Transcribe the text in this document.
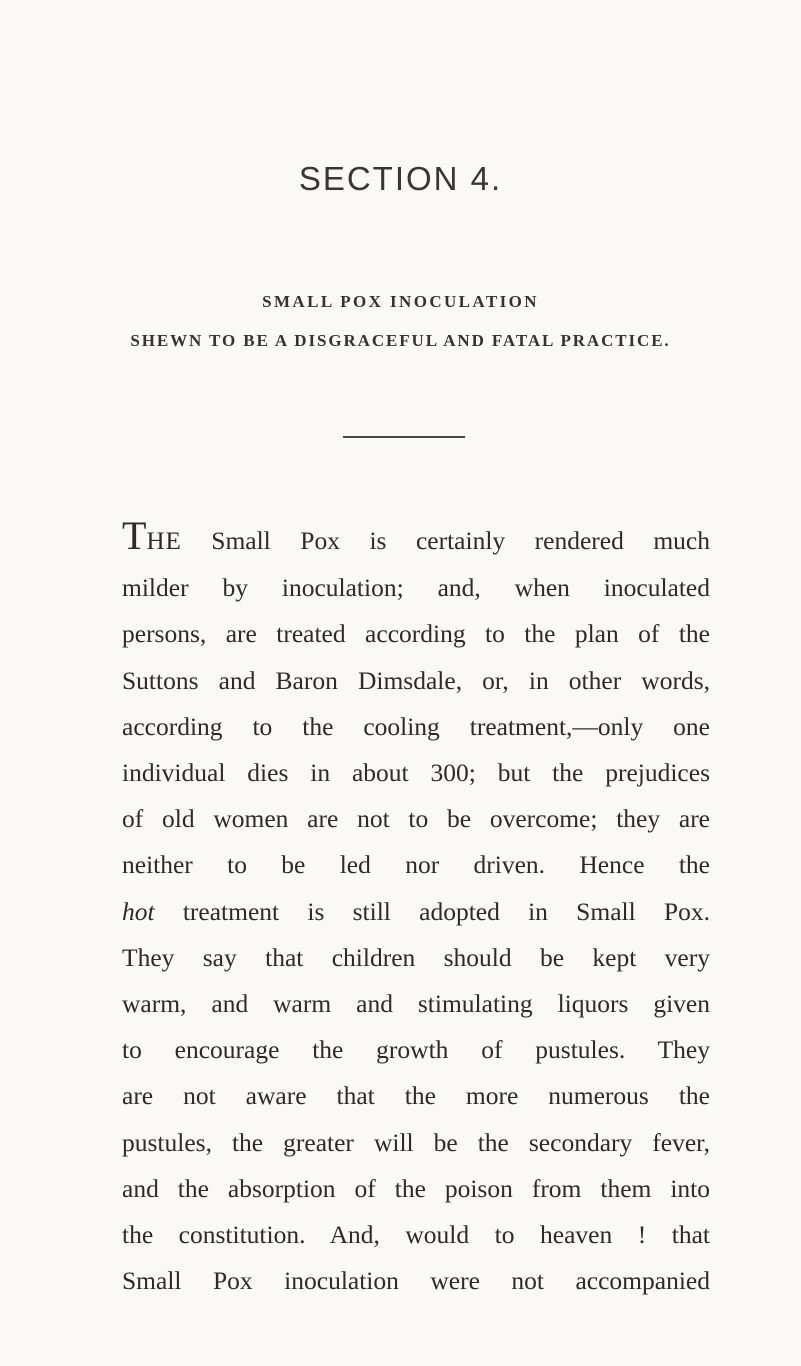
SECTION 4.
SMALL POX INOCULATION
SHEWN TO BE A DISGRACEFUL AND FATAL PRACTICE.
THE Small Pox is certainly rendered much
milder by inoculation; and, when inoculated
persons, are treated according to the plan of the
Suttons and Baron Dimsdale, or, in other words,
according to the cooling treatment,—only one
individual dies in about 300; but the prejudices
of old women are not to be overcome; they are
neither to be led nor driven. Hence the
hot treatment is still adopted in Small Pox.
They say that children should be kept very
warm, and warm and stimulating liquors given
to encourage the growth of pustules. They
are not aware that the more numerous the
pustules, the greater will be the secondary fever,
and the absorption of the poison from them into
the constitution. And, would to heaven ! that
Small Pox inoculation were not accompanied
